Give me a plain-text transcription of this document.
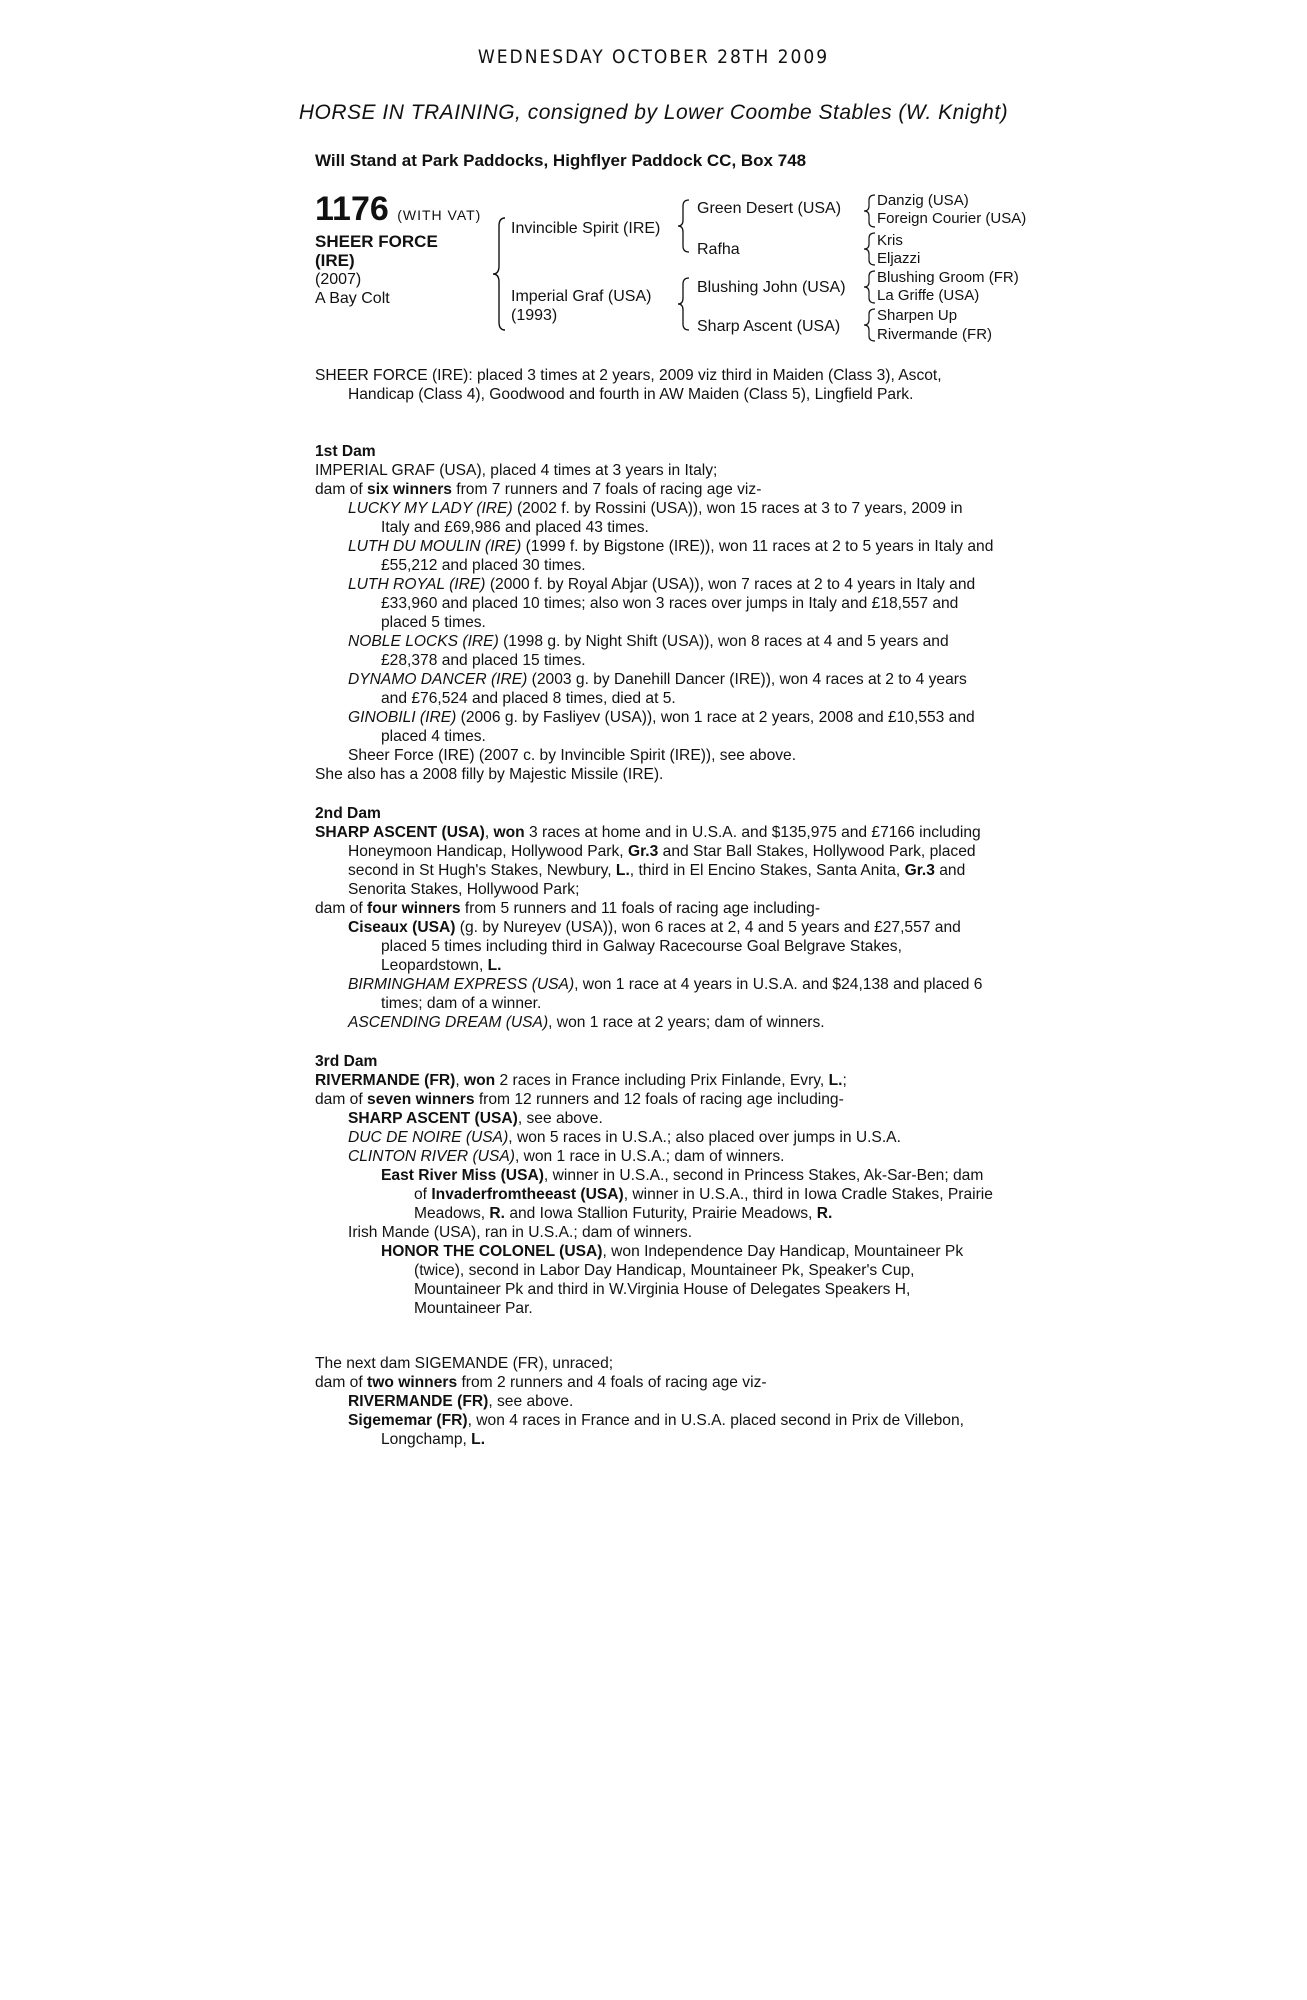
WEDNESDAY OCTOBER 28TH 2009
HORSE IN TRAINING, consigned by Lower Coombe Stables (W. Knight)
Will Stand at Park Paddocks, Highflyer Paddock CC, Box 748
1176 (WITH VAT)
SHEER FORCE
(IRE)
(2007)
A Bay Colt
Invincible Spirit (IRE)
Imperial Graf (USA)
(1993)
Green Desert (USA)
Rafha
Blushing John (USA)
Sharp Ascent (USA)
Danzig (USA)
Foreign Courier (USA)
Kris
Eljazzi
Blushing Groom (FR)
La Griffe (USA)
Sharpen Up
Rivermande (FR)

SHEER FORCE (IRE): placed 3 times at 2 years, 2009 viz third in Maiden (Class 3), Ascot, Handicap (Class 4), Goodwood and fourth in AW Maiden (Class 5), Lingfield Park.

1st Dam

IMPERIAL GRAF (USA), placed 4 times at 3 years in Italy;

dam of six winners from 7 runners and 7 foals of racing age viz-

LUCKY MY LADY (IRE) (2002 f. by Rossini (USA)), won 15 races at 3 to 7 years, 2009 in Italy and £69,986 and placed 43 times.

LUTH DU MOULIN (IRE) (1999 f. by Bigstone (IRE)), won 11 races at 2 to 5 years in Italy and £55,212 and placed 30 times.

LUTH ROYAL (IRE) (2000 f. by Royal Abjar (USA)), won 7 races at 2 to 4 years in Italy and £33,960 and placed 10 times; also won 3 races over jumps in Italy and £18,557 and placed 5 times.

NOBLE LOCKS (IRE) (1998 g. by Night Shift (USA)), won 8 races at 4 and 5 years and £28,378 and placed 15 times.

DYNAMO DANCER (IRE) (2003 g. by Danehill Dancer (IRE)), won 4 races at 2 to 4 years and £76,524 and placed 8 times, died at 5.

GINOBILI (IRE) (2006 g. by Fasliyev (USA)), won 1 race at 2 years, 2008 and £10,553 and placed 4 times.

Sheer Force (IRE) (2007 c. by Invincible Spirit (IRE)), see above.

She also has a 2008 filly by Majestic Missile (IRE).

2nd Dam

SHARP ASCENT (USA), won 3 races at home and in U.S.A. and $135,975 and £7166 including Honeymoon Handicap, Hollywood Park, Gr.3 and Star Ball Stakes, Hollywood Park, placed second in St Hugh's Stakes, Newbury, L., third in El Encino Stakes, Santa Anita, Gr.3 and Senorita Stakes, Hollywood Park;

dam of four winners from 5 runners and 11 foals of racing age including-

Ciseaux (USA) (g. by Nureyev (USA)), won 6 races at 2, 4 and 5 years and £27,557 and placed 5 times including third in Galway Racecourse Goal Belgrave Stakes, Leopardstown, L.

BIRMINGHAM EXPRESS (USA), won 1 race at 4 years in U.S.A. and $24,138 and placed 6 times; dam of a winner.

ASCENDING DREAM (USA), won 1 race at 2 years; dam of winners.

3rd Dam

RIVERMANDE (FR), won 2 races in France including Prix Finlande, Evry, L.;

dam of seven winners from 12 runners and 12 foals of racing age including-

SHARP ASCENT (USA), see above.

DUC DE NOIRE (USA), won 5 races in U.S.A.; also placed over jumps in U.S.A.

CLINTON RIVER (USA), won 1 race in U.S.A.; dam of winners.

East River Miss (USA), winner in U.S.A., second in Princess Stakes, Ak-Sar-Ben; dam of Invaderfromtheeast (USA), winner in U.S.A., third in Iowa Cradle Stakes, Prairie Meadows, R. and Iowa Stallion Futurity, Prairie Meadows, R.

Irish Mande (USA), ran in U.S.A.; dam of winners.

HONOR THE COLONEL (USA), won Independence Day Handicap, Mountaineer Pk (twice), second in Labor Day Handicap, Mountaineer Pk, Speaker's Cup, Mountaineer Pk and third in W.Virginia House of Delegates Speakers H, Mountaineer Par.

The next dam SIGEMANDE (FR), unraced;

dam of two winners from 2 runners and 4 foals of racing age viz-

RIVERMANDE (FR), see above.

Sigememar (FR), won 4 races in France and in U.S.A. placed second in Prix de Villebon, Longchamp, L.
